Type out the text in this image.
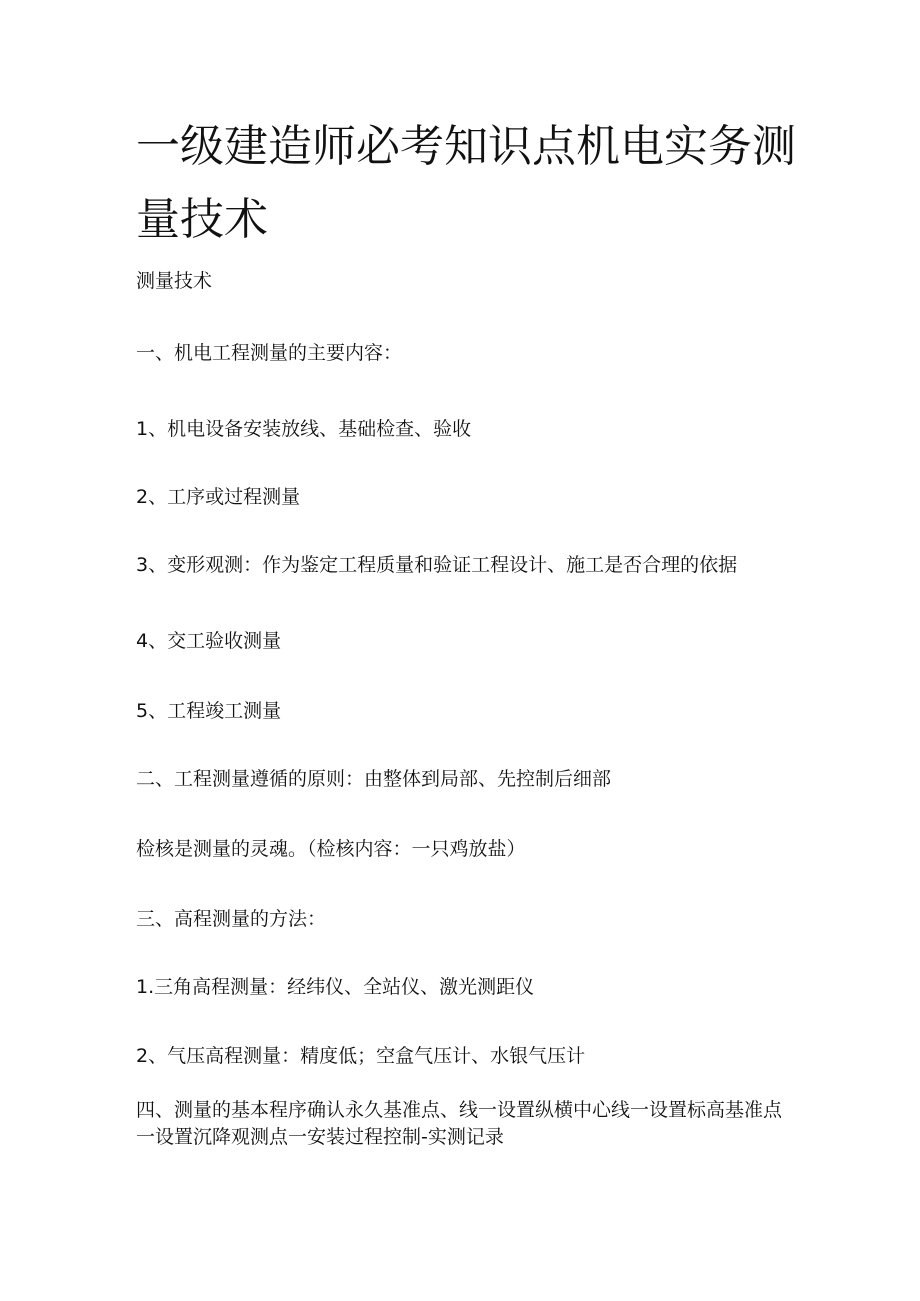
一级建造师必考知识点机电实务测量技术

测量技术

一、机电工程测量的主要内容：

1、机电设备安装放线、基础检查、验收

2、工序或过程测量

3、变形观测：作为鉴定工程质量和验证工程设计、施工是否合理的依据

4、交工验收测量

5、工程竣工测量

二、工程测量遵循的原则：由整体到局部、先控制后细部

检核是测量的灵魂。（检核内容：一只鸡放盐）

三、高程测量的方法：

1.三角高程测量：经纬仪、全站仪、激光测距仪

2、气压高程测量：精度低；空盒气压计、水银气压计

四、测量的基本程序确认永久基准点、线一设置纵横中心线一设置标高基准点一设置沉降观测点一安装过程控制-实测记录
